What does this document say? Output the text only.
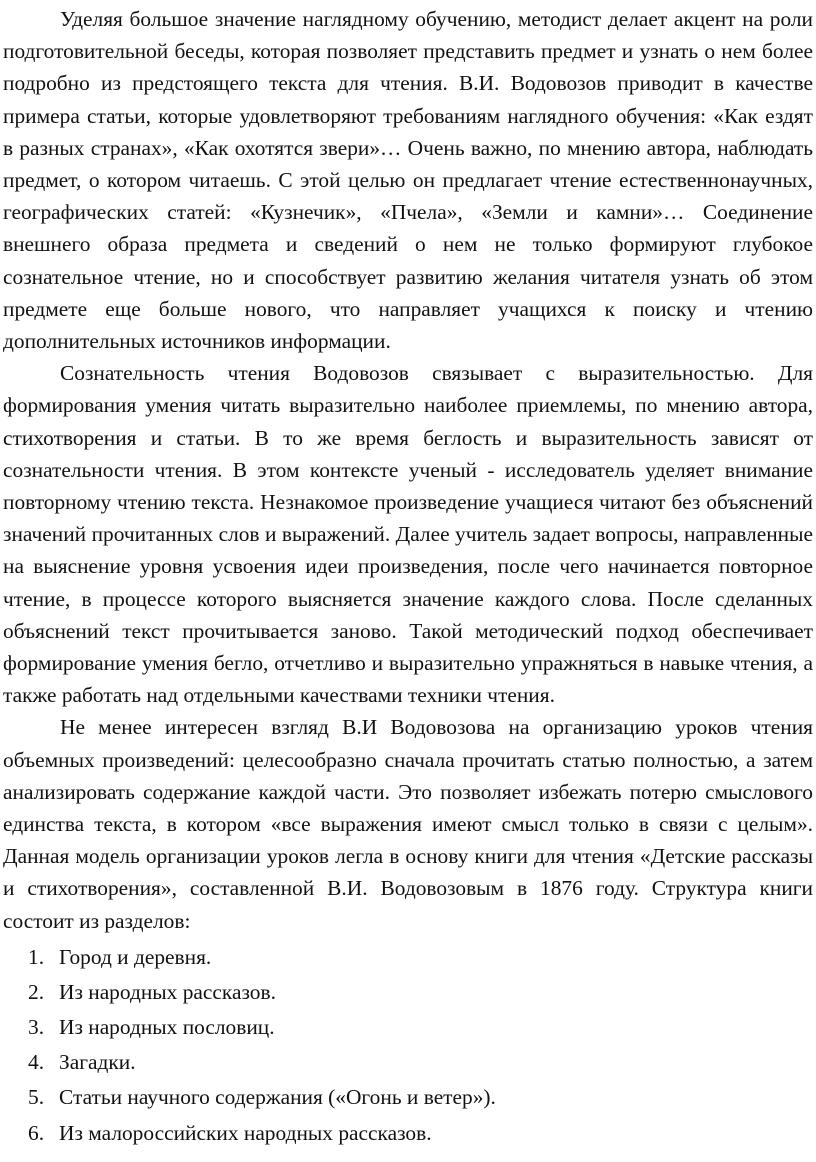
Уделяя большое значение наглядному обучению, методист делает акцент на роли подготовительной беседы, которая позволяет представить предмет и узнать о нем более подробно из предстоящего текста для чтения. В.И. Водовозов приводит в качестве примера статьи, которые удовлетворяют требованиям наглядного обучения: «Как ездят в разных странах», «Как охотятся звери»… Очень важно, по мнению автора, наблюдать предмет, о котором читаешь. С этой целью он предлагает чтение естественнонаучных, географических статей: «Кузнечик», «Пчела», «Земли и камни»… Соединение внешнего образа предмета и сведений о нем не только формируют глубокое сознательное чтение, но и способствует развитию желания читателя узнать об этом предмете еще больше нового, что направляет учащихся к поиску и чтению дополнительных источников информации.

Сознательность чтения Водовозов связывает с выразительностью. Для формирования умения читать выразительно наиболее приемлемы, по мнению автора, стихотворения и статьи. В то же время беглость и выразительность зависят от сознательности чтения. В этом контексте ученый - исследователь уделяет внимание повторному чтению текста. Незнакомое произведение учащиеся читают без объяснений значений прочитанных слов и выражений. Далее учитель задает вопросы, направленные на выяснение уровня усвоения идеи произведения, после чего начинается повторное чтение, в процессе которого выясняется значение каждого слова. После сделанных объяснений текст прочитывается заново. Такой методический подход обеспечивает формирование умения бегло, отчетливо и выразительно упражняться в навыке чтения, а также работать над отдельными качествами техники чтения.

Не менее интересен взгляд В.И Водовозова на организацию уроков чтения объемных произведений: целесообразно сначала прочитать статью полностью, а затем анализировать содержание каждой части. Это позволяет избежать потерю смыслового единства текста, в котором «все выражения имеют смысл только в связи с целым». Данная модель организации уроков легла в основу книги для чтения «Детские рассказы и стихотворения», составленной В.И. Водовозовым в 1876 году. Структура книги состоит из разделов:

1. Город и деревня.
2. Из народных рассказов.
3. Из народных пословиц.
4. Загадки.
5. Статьи научного содержания («Огонь и ветер»).
6. Из малороссийских народных рассказов.
